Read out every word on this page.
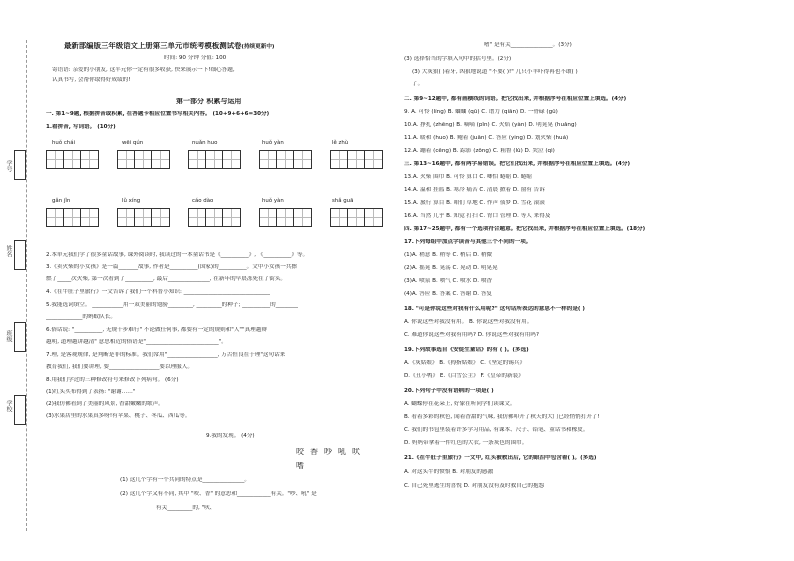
学号
姓名
班级
学校
最新部编版三年级语文上册第三单元市统考模板测试卷(持续更新中)
时间: 90 分钟 分值: 100
寄语语: 亲爱的小朋友, 这半元你一定有很多收获, 快来展示一下!细心答题,
认真书写, 会帮你取得好成绩的!
第一部分 积累与运用
一. 第1~9题, 根据拼音或积累, 在答题卡相应位置书写相关内容。 (10+9+6+6=30分)
1.看拼音, 写词语。 (10分)
huǒ chái	wēi qún	nuǎn huo	huǒ yàn	lě zhù
gǎn jǐn	lǔ xíng	cáo dào	huǒ yàn	shǎ guā
2.本单元我们学了很多童话故事, 课外阅读时, 我读过的一本童话书是《__________》, 《__________》等。
3.《卖火柴的小女孩》是一篇_______故事, 作者是__________(国家)的__________。文中小女孩一共擦
燃了_____次火柴, 第一次看到了__________, 最后_______________, 在新年的早晨冻死在了街头。
4.《在牛肚子里旅行》一文告诉了我们一个科普小知识: _______________________________
5.我能选词填空。 ___________用一双美丽的翅膀_________, _________的种子; __________的________
_____________的蚂蚁队长。
6.俗话说: "__________, 无规十步难行" 不论做任何事, 都要有一定的规则和"人""真理越辩
越明, 道理越讲越清" 意思相近的俗语是"__________________________"。
7.理, 是客观规律, 是判断是非的标准。我们常用"__________________, 万古恒良在于理"这句话来
教育我们, 我们要讲理, 要__________________要以理服人。
8.用我们学过的三种修改符号来修改下列病句。 (6分)
(1)红头买布得到了表扬: "谢谢……"
(2)我仿佛看到了美丽的风景, 香甜嫩嫩的歌声。
(3)水果店里的水果真多呀!有苹果、桃子、冬瓜、西瓜等。
9.我的发现。 (4分)
咬香吵吼吠
嗜
(1) 这几个字有一个共同的特点是_______________。
(2) 这几个字又有不同, 其中 "咬、香" 的意思和____________有关。"吵、吼" 是
有关_________的, "吠、
嗜" 是有关_______________。(3分)
(3) 选择恰当的字填入句中的括号里。(2分)
(3) 大灰狼( )着牙, 凶狠地说道 "不要( )!" 几只小羊吓得再也不敢( )
了。
二. 第9~12题中, 都有画横线的词语。把它找出来, 并根据序号在相应位置上填选。(4分)
9. A. 可怜 (líng) B. 蛐蛐 (qū) C. 谱力 (qiān) D. 一骨碌 (gū)
10.A. 挣扎 (zhēng) B. 嘀嘀 (pǐn) C. 火焰 (yàn) D. 明晃晃 (huǎng)
11.A. 暖和 (huo) B. 鲍着 (juān) C. 答应 (ying) D. 划火柴 (huá)
12.A. 蹦着 (cēng) B. 踪影 (zōng) C. 粗鲁 (lǔ) D. 哭泣 (qì)
三. 第13~16题中, 都有两字易错误。把它们找出来, 并根据序号在相应位置上填选。(4分)
13.A. 火柴 围巾 B. 可怜 算口 C. 唧怕 蜷缩 D. 蜷缩
14.A. 温和 挂篮 B. 寒冷 痛苦 C. 清晨 掀着 D. 窗有 告诉
15.A. 旅行 算目 B. 咱们 草地 C. 作声 侦梦 D. 雪花 滚滚
16.A. 当然 几乎 B. 知觉 打扫 C. 胃口 管理 D. 等人 来得及
四. 第17~25题中, 都有一个选项符合题意。把它找出来, 并根据序号在相应位置上填选。(18分)
17.下列每组中加点字读音与其他三个不同的一项。
(1)A. 稍意 B. 稍等 C. 梢后 D. 稍微
(2)A. 摇晃 B. 晃荡 C. 晃动 D. 明晃晃
(3)A. 喷泉 B. 喷气 C. 喷水 D. 喷香
(4)A. 答应 B. 答案 C. 答谢 D. 答复
18. "可是你说这些对我有什么用呢?" 这句话所表达的意思不一样的是( )
A. 你说这些对我没有用。 B. 你说这些对我没有用。
C. 难道你说这些对我有用吗? D. 你说这些对我有用吗?
19.下列故事选自《安徒生童话》的有 ( )。(多选)
A.《灰姑娘》 B.《拇指姑娘》 C.《坚定的锡兵》
D.《丑小鸭》 E.《白雪公主》 F.《皇帝的新装》
20.下列句子中没有语病的一项是( )
A. 蝴蝶停在花朵上, 好象在听同学们读课文。
B. 看着多彩的秋色, 闻着香甜的气味, 我仿佛叩开了秋天的大门已经悄悄打开了!
C. 我们的书包里装着许多学习用品, 有课本、尺子、铅笔、童话书和橡皮。
D. 妈妈带拿着一件红色的大衣, 一条灰色的围巾。
21.《在牛肚子里旅行》一文中, 红头被救出后, 它的眼泪中包含着( )。(多选)
A. 对这头牛的愤恨 B. 对朋友的感激
C. 自己死里逃生的喜悦 D. 对朋友没有及时救自己的抱怨
